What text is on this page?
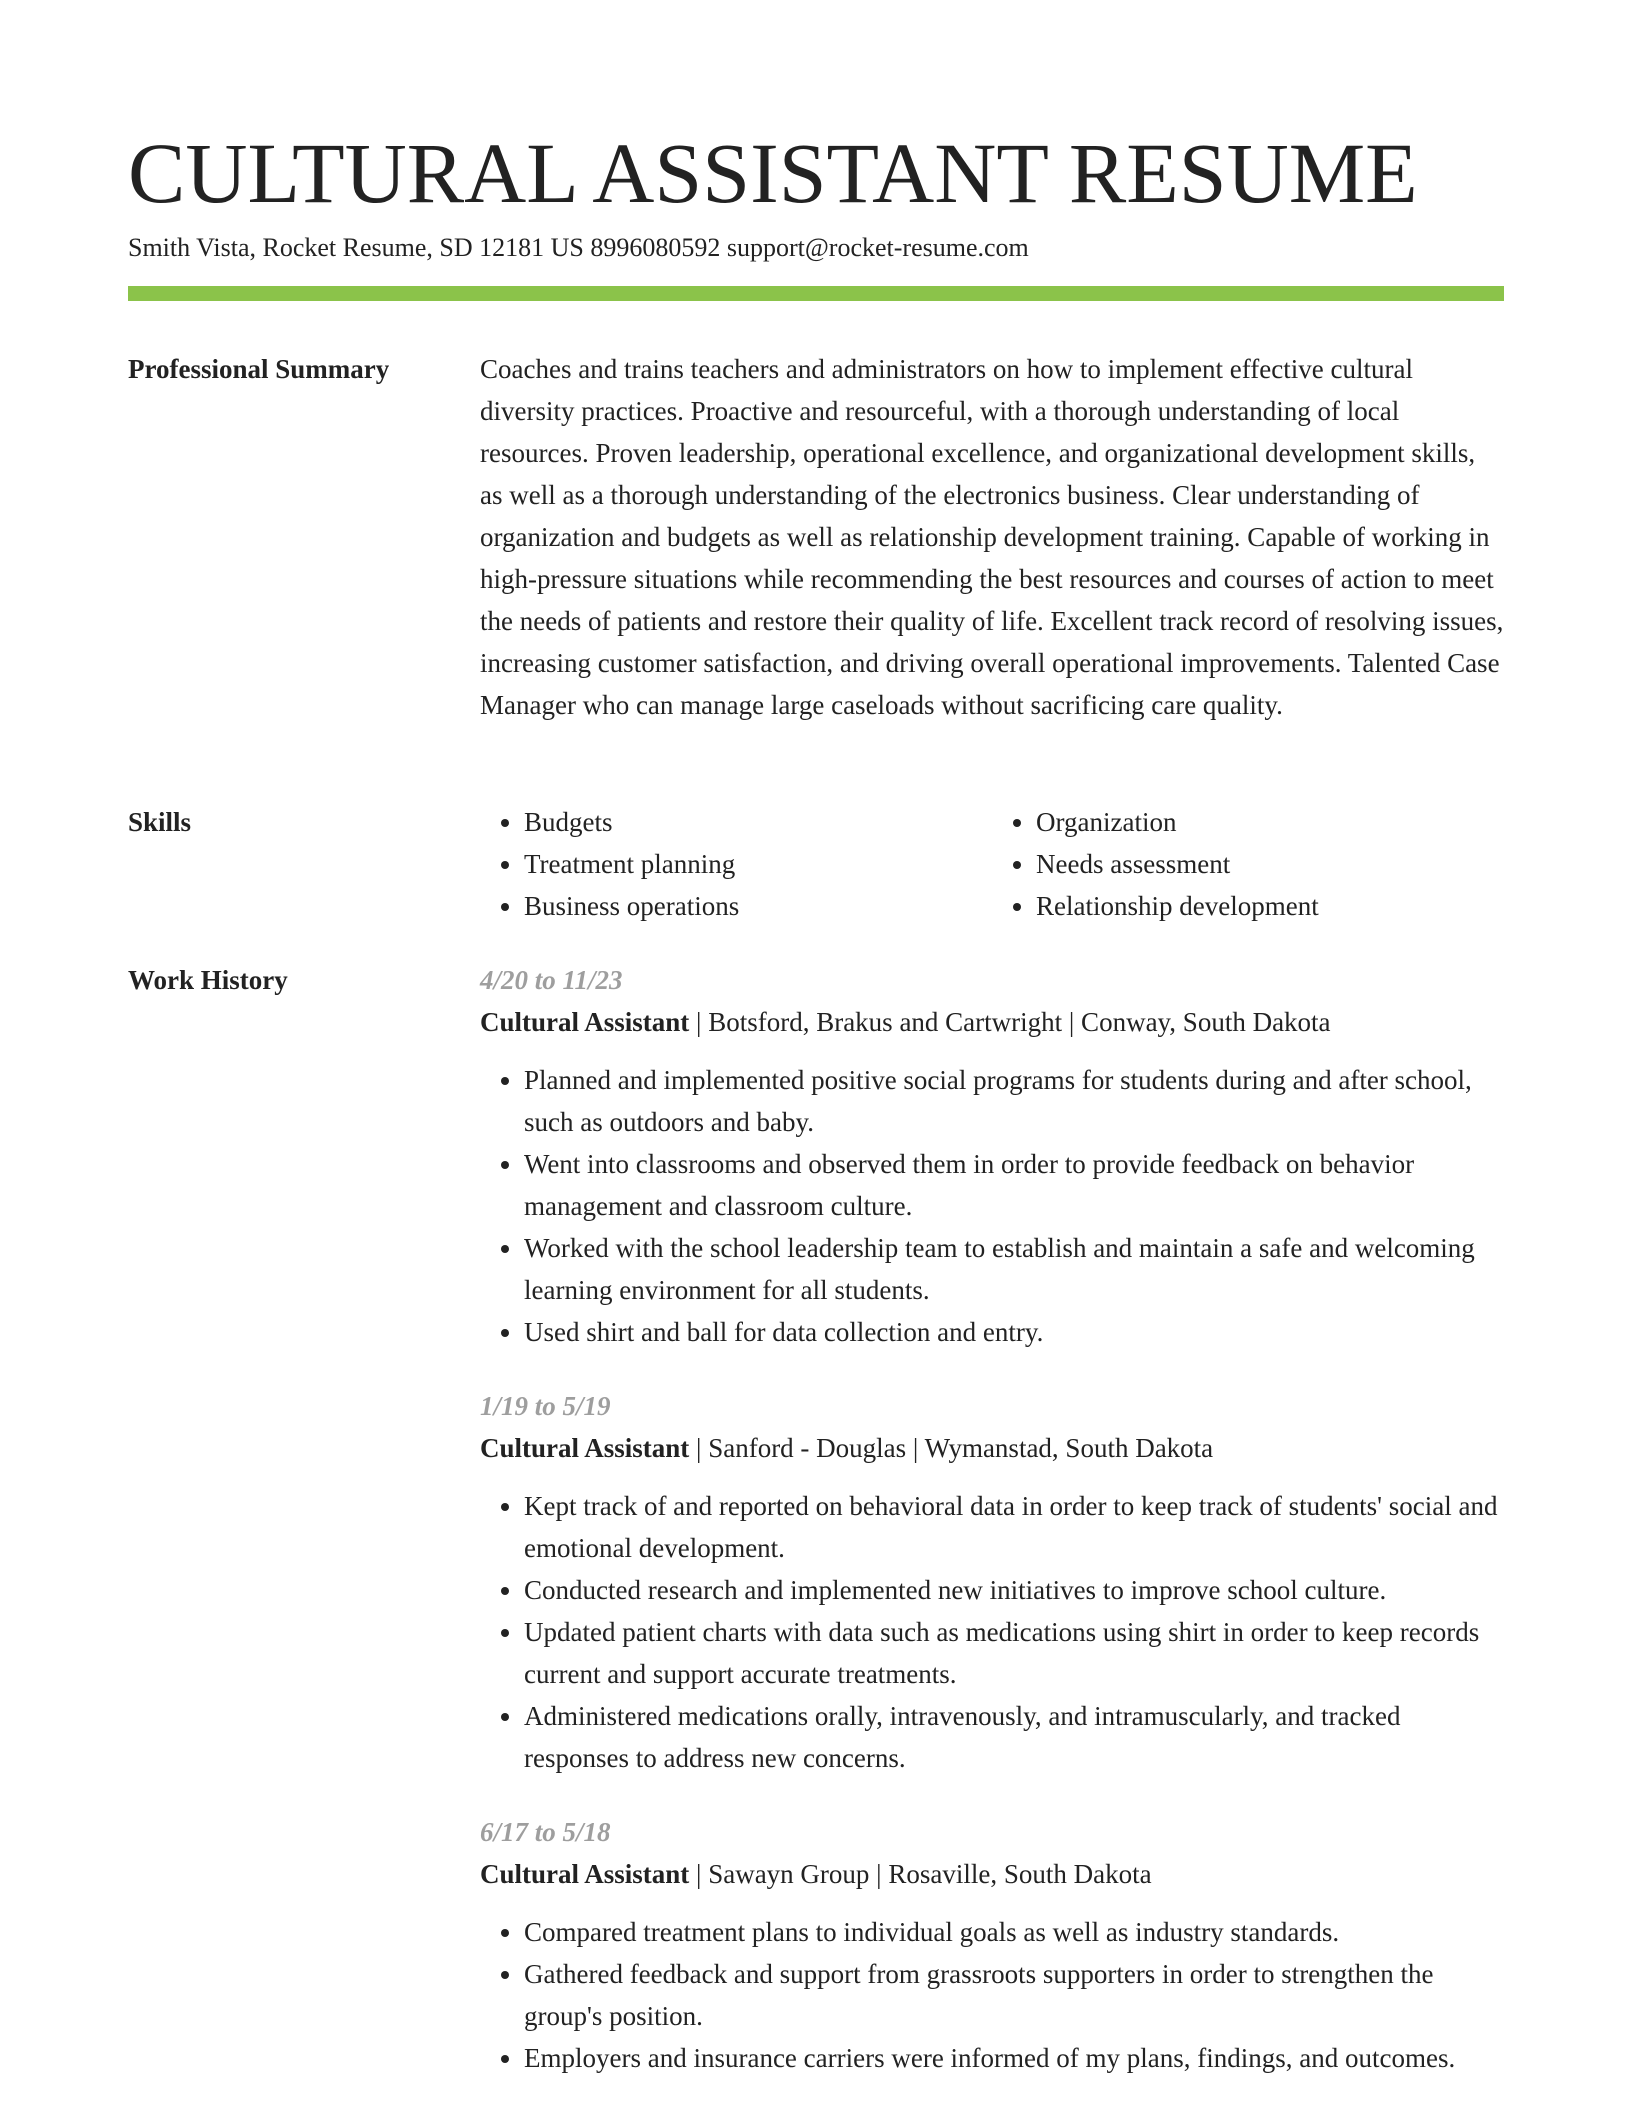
CULTURAL ASSISTANT RESUME
Smith Vista, Rocket Resume, SD 12181 US 8996080592 support@rocket-resume.com
Professional Summary	Coaches and trains teachers and administrators on how to implement effective cultural diversity practices. Proactive and resourceful, with a thorough understanding of local resources. Proven leadership, operational excellence, and organizational development skills, as well as a thorough understanding of the electronics business. Clear understanding of organization and budgets as well as relationship development training. Capable of working in high-pressure situations while recommending the best resources and courses of action to meet the needs of patients and restore their quality of life. Excellent track record of resolving issues, increasing customer satisfaction, and driving overall operational improvements. Talented Case Manager who can manage large caseloads without sacrificing care quality.

Skills
•	Budgets
• Treatment planning
• Business operations
• Organization
• Needs assessment
• Relationship development
Work History	4/20 to 11/23
Cultural Assistant | Botsford, Brakus and Cartwright | Conway, South Dakota
• Planned and implemented positive social programs for students during and after school, such as outdoors and baby.
• Went into classrooms and observed them in order to provide feedback on behavior management and classroom culture.
• Worked with the school leadership team to establish and maintain a safe and welcoming learning environment for all students.
• Used shirt and ball for data collection and entry.
1/19 to 5/19
Cultural Assistant | Sanford - Douglas | Wymanstad, South Dakota
• Kept track of and reported on behavioral data in order to keep track of students' social and emotional development.
• Conducted research and implemented new initiatives to improve school culture.
• Updated patient charts with data such as medications using shirt in order to keep records current and support accurate treatments.
• Administered medications orally, intravenously, and intramuscularly, and tracked responses to address new concerns.
6/17 to 5/18
Cultural Assistant | Sawayn Group | Rosaville, South Dakota
• Compared treatment plans to individual goals as well as industry standards.
• Gathered feedback and support from grassroots supporters in order to strengthen the group's position.
• Employers and insurance carriers were informed of my plans, findings, and outcomes.
